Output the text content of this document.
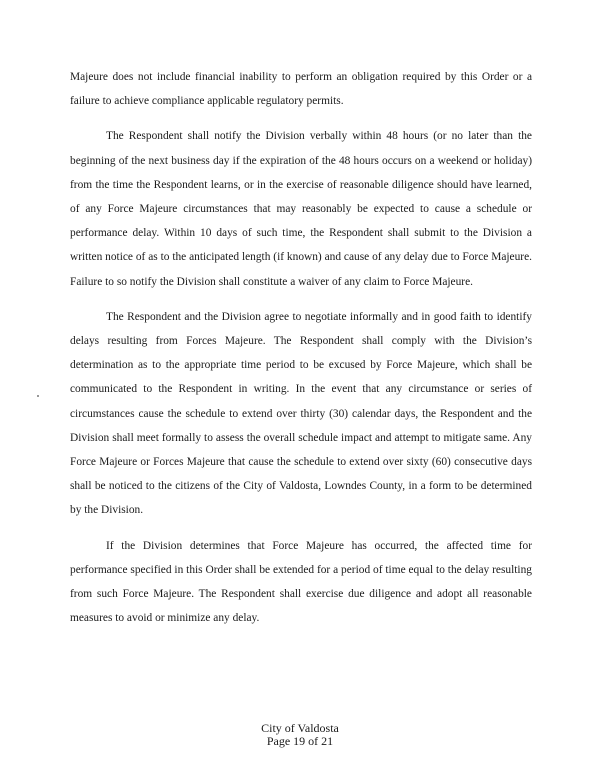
Majeure does not include financial inability to perform an obligation required by this Order or a failure to achieve compliance applicable regulatory permits.

The Respondent shall notify the Division verbally within 48 hours (or no later than the beginning of the next business day if the expiration of the 48 hours occurs on a weekend or holiday) from the time the Respondent learns, or in the exercise of reasonable diligence should have learned, of any Force Majeure circumstances that may reasonably be expected to cause a schedule or performance delay. Within 10 days of such time, the Respondent shall submit to the Division a written notice of as to the anticipated length (if known) and cause of any delay due to Force Majeure. Failure to so notify the Division shall constitute a waiver of any claim to Force Majeure.

The Respondent and the Division agree to negotiate informally and in good faith to identify delays resulting from Forces Majeure. The Respondent shall comply with the Division’s determination as to the appropriate time period to be excused by Force Majeure, which shall be communicated to the Respondent in writing. In the event that any circumstance or series of circumstances cause the schedule to extend over thirty (30) calendar days, the Respondent and the Division shall meet formally to assess the overall schedule impact and attempt to mitigate same. Any Force Majeure or Forces Majeure that cause the schedule to extend over sixty (60) consecutive days shall be noticed to the citizens of the City of Valdosta, Lowndes County, in a form to be determined by the Division.

If the Division determines that Force Majeure has occurred, the affected time for performance specified in this Order shall be extended for a period of time equal to the delay resulting from such Force Majeure. The Respondent shall exercise due diligence and adopt all reasonable measures to avoid or minimize any delay.

City of Valdosta
Page 19 of 21
